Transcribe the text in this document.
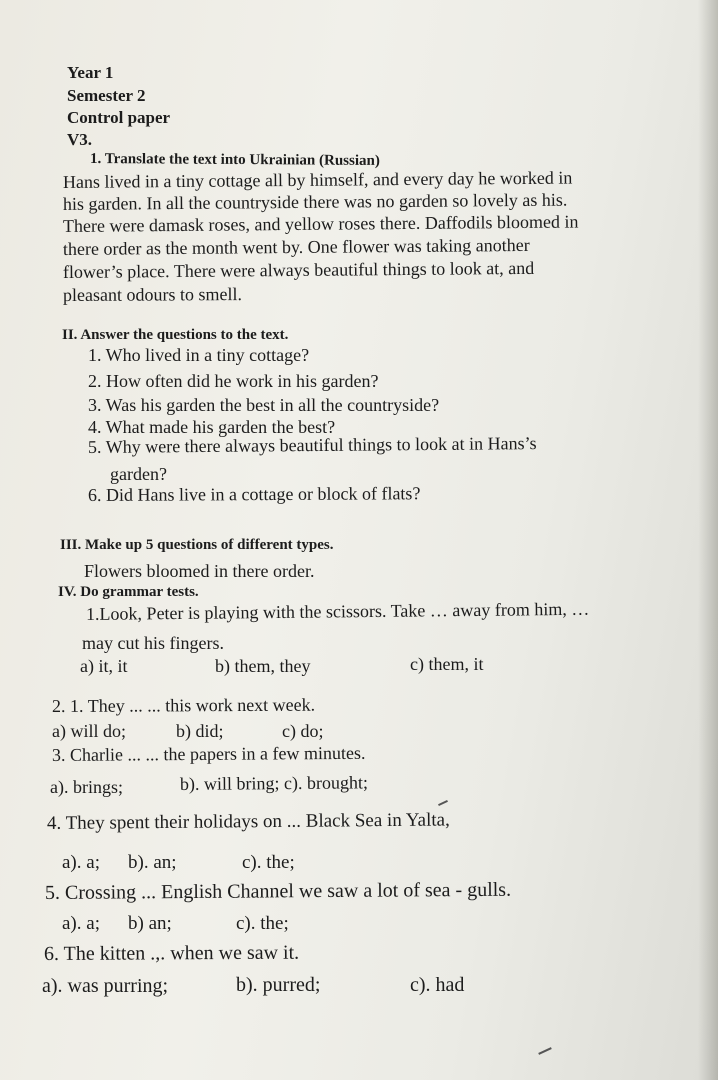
Year 1
Semester 2
Control paper
V3.
1. Translate the text into Ukrainian (Russian)
Hans lived in a tiny cottage all by himself, and every day he worked in
his garden. In all the countryside there was no garden so lovely as his.
There were damask roses, and yellow roses there. Daffodils bloomed in
there order as the month went by. One flower was taking another
flower’s place. There were always beautiful things to look at, and
pleasant odours to smell.
II. Answer the questions to the text.
1. Who lived in a tiny cottage?
2. How often did he work in his garden?
3. Was his garden the best in all the countryside?
4. What made his garden the best?
5. Why were there always beautiful things to look at in Hans’s
garden?
6. Did Hans live in a cottage or block of flats?
III. Make up 5 questions of different types.
Flowers bloomed in there order.
IV. Do grammar tests.
1.Look, Peter is playing with the scissors. Take … away from him, …
may cut his fingers.
a) it, it	b) them, they	c) them, it
2. 1. They ... ... this work next week.
a) will do;	b) did;	c) do;
3. Charlie ... ... the papers in a few minutes.
a). brings;	b). will bring; c). brought;
4. They spent their holidays on ... Black Sea in Yalta,
a). a; b). an;	c). the;
5. Crossing ... English Channel we saw a lot of sea - gulls.
a). a; b) an;	c). the;
6. The kitten .,. when we saw it.
a). was purring;	b). purred;	c). had
